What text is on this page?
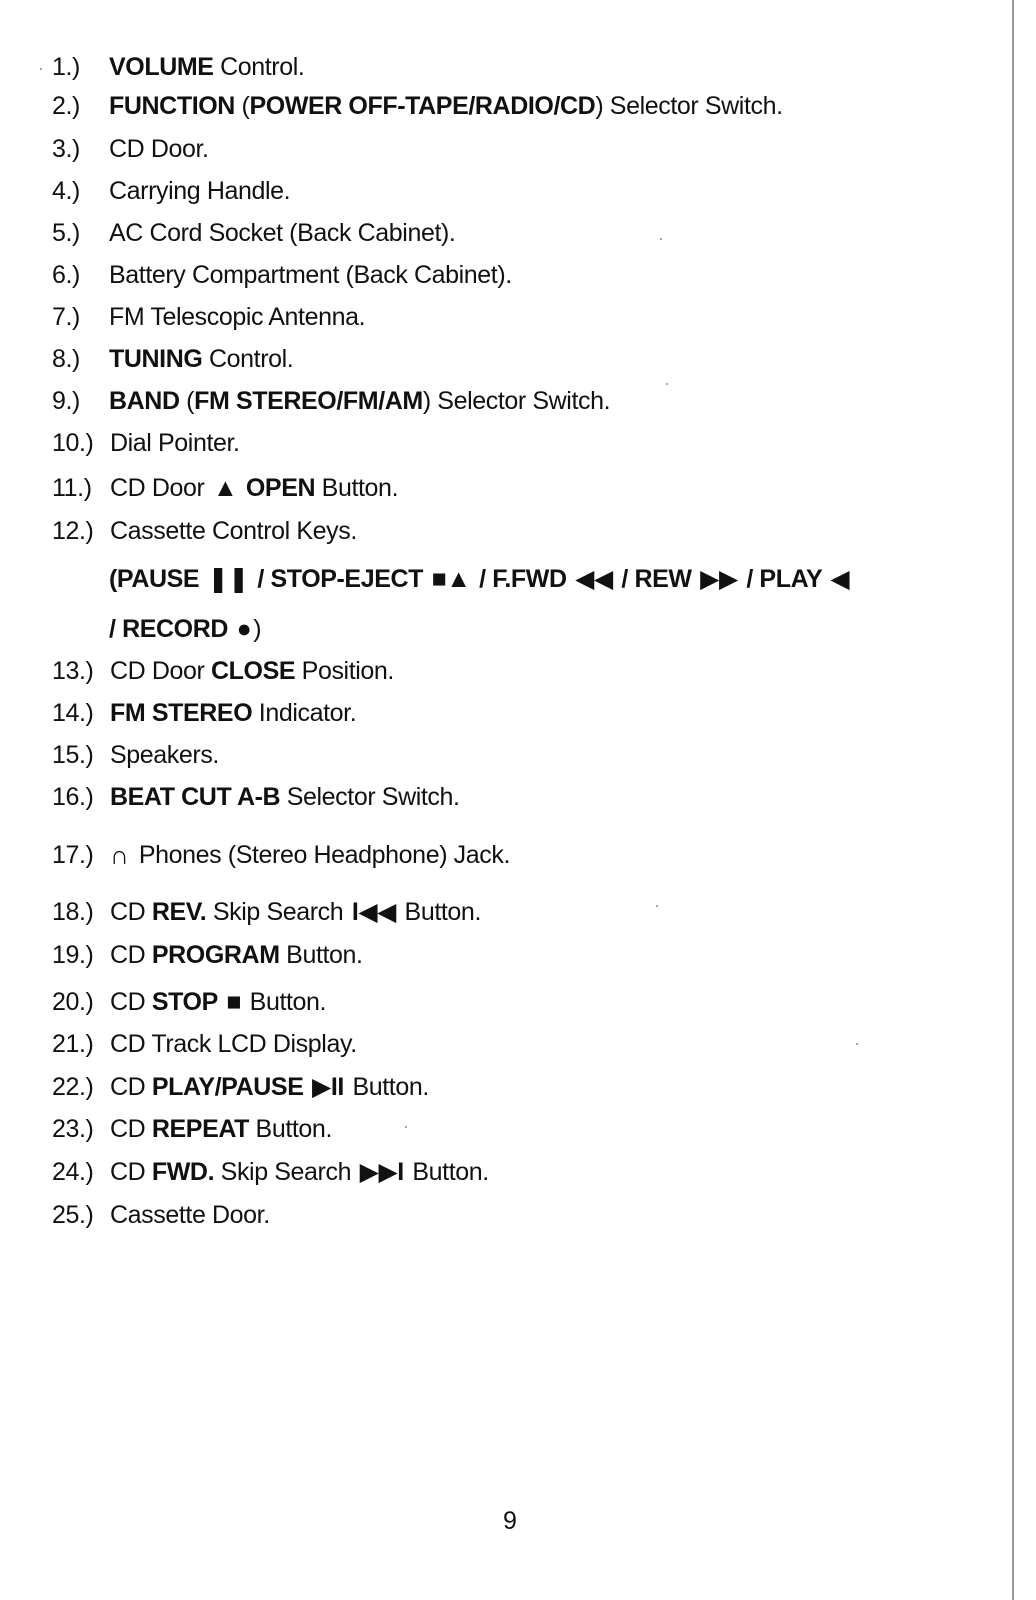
1.) VOLUME Control.
2.) FUNCTION (POWER OFF-TAPE/RADIO/CD) Selector Switch.
3.) CD Door.
4.) Carrying Handle.
5.) AC Cord Socket (Back Cabinet).
6.) Battery Compartment (Back Cabinet).
7.) FM Telescopic Antenna.
8.) TUNING Control.
9.) BAND (FM STEREO/FM/AM) Selector Switch.
10.) Dial Pointer.
11.) CD Door ▲ OPEN Button.
12.) Cassette Control Keys.
(PAUSE ❚❚ / STOP-EJECT ■▲ / F.FWD ◀◀ / REW ▶▶ / PLAY ◀
/ RECORD ●)
13.) CD Door CLOSE Position.
14.) FM STEREO Indicator.
15.) Speakers.
16.) BEAT CUT A-B Selector Switch.
17.) ∩ Phones (Stereo Headphone) Jack.
18.) CD REV. Skip Search I◀◀ Button.
19.) CD PROGRAM Button.
20.) CD STOP ■ Button.
21.) CD Track LCD Display.
22.) CD PLAY/PAUSE ▶II Button.
23.) CD REPEAT Button.
24.) CD FWD. Skip Search ▶▶I Button.
25.) Cassette Door.
9
